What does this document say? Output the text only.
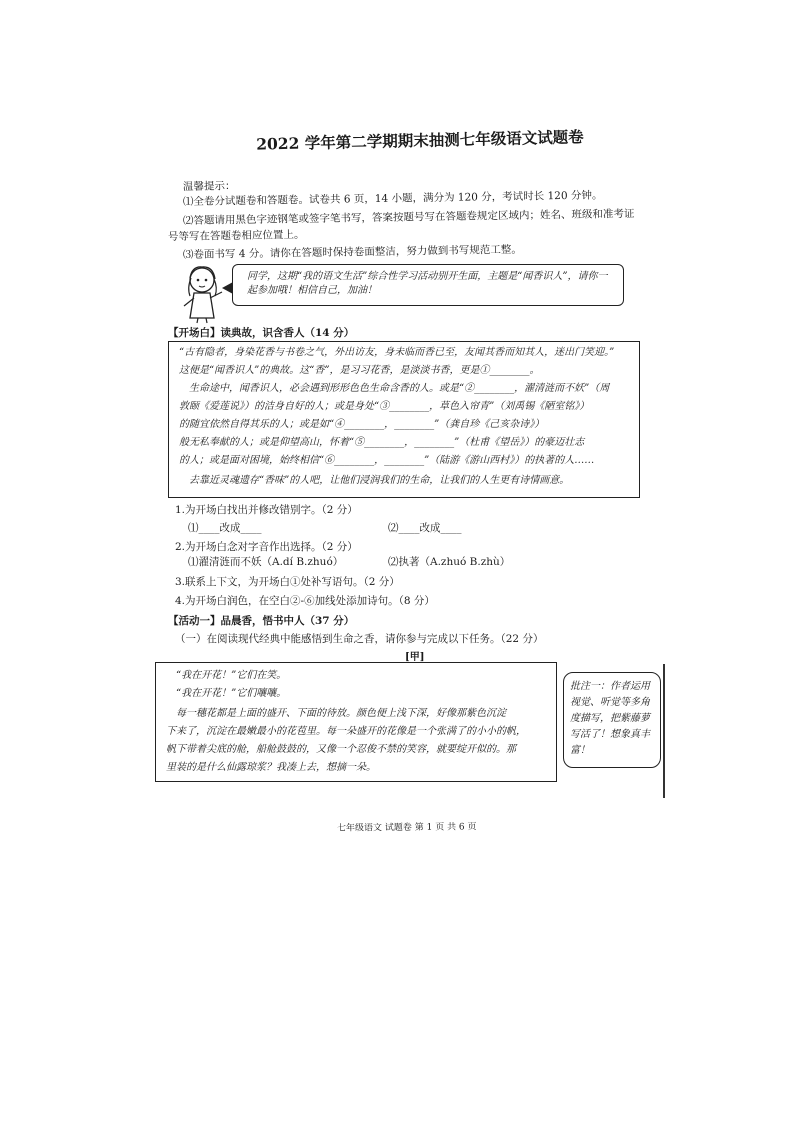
2022 学年第二学期期末抽测七年级语文试题卷
温馨提示：
⑴全卷分试题卷和答题卷。试卷共 6 页，14 小题，满分为 120 分，考试时长 120 分钟。
⑵答题请用黑色字迹钢笔或签字笔书写，答案按题号写在答题卷规定区域内；姓名、班级和准考证
号等写在答题卷相应位置上。
⑶卷面书写 4 分。请你在答题时保持卷面整洁，努力做到书写规范工整。
同学，这期“我的语文生活”综合性学习活动别开生面，主题是“闻香识人”，请你一起参加哦！相信自己，加油！
【开场白】读典故，识含香人（14 分）
“古有隐者，身染花香与书卷之气，外出访友，身未临而香已至，友闻其香而知其人，迷出门笑迎。”
这便是“闻香识人”的典故。这“香”，是习习花香，是淡淡书香，更是①________。
生命途中，闻香识人，必会遇到形形色色生命含香的人。或是“②________，濯清涟而不妖”（周
敦颐《爱莲说》）的洁身自好的人；或是身处“③________，草色入帘青”（刘禹锡《陋室铭》）
的随宜依然自得其乐的人；或是如“④________，________”（龚自珍《己亥杂诗》）
般无私奉献的人；或是仰望高山，怀着“⑤________，________”（杜甫《望岳》）的豪迈壮志
的人；或是面对困境，始终相信“⑥________，________”（陆游《游山西村》）的执著的人……
去靠近灵魂遗存“香味”的人吧，让他们浸润我们的生命，让我们的人生更有诗情画意。
1.为开场白找出并修改错别字。（2 分）
⑴____改成____	⑵____改成____
2.为开场白念对字音作出选择。（2 分）
⑴濯清涟而不妖（A.dí B.zhuó）	⑵执著（A.zhuó B.zhù）
3.联系上下文，为开场白①处补写语句。（2 分）
4.为开场白润色，在空白②-⑥加线处添加诗句。（8 分）
【活动一】品晨香，悟书中人（37 分）
（一）在阅读现代经典中能感悟到生命之香，请你参与完成以下任务。（22 分）
[甲]
“我在开花！”它们在笑。
“我在开花！”它们嚷嚷。
每一穗花都是上面的盛开、下面的待放。颜色便上浅下深，好像那紫色沉淀
下来了，沉淀在最嫩最小的花苞里。每一朵盛开的花像是一个张满了的小小的帆，
帆下带着尖底的舱，船舱鼓鼓的，又像一个忍俊不禁的笑容，就要绽开似的。那
里装的是什么仙露琼浆？我凑上去，想摘一朵。
批注一：作者运用视觉、听觉等多角度描写，把紫藤萝写活了！想象真丰富！
七年级语文 试题卷 第 1 页 共 6 页
